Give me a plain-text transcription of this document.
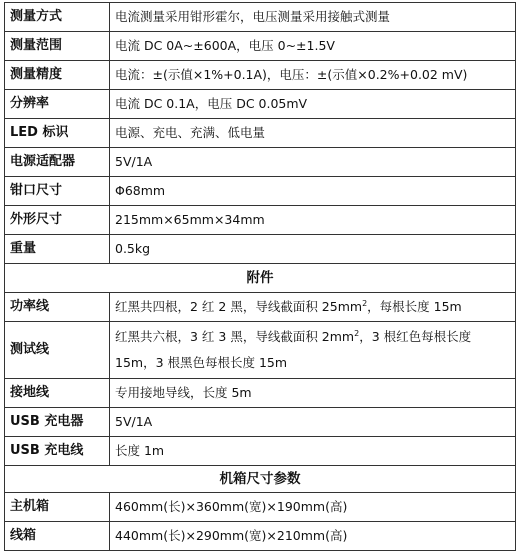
测量方式	电流测量采用钳形霍尔，电压测量采用接触式测量
测量范围	电流 DC 0A~±600A，电压 0~±1.5V
测量精度	电流：±(示值×1%+0.1A)，电压：±(示值×0.2%+0.02 mV)
分辨率	电流 DC 0.1A，电压 DC 0.05mV
LED 标识	电源、充电、充满、低电量
电源适配器	5V/1A
钳口尺寸	Φ68mm
外形尺寸	215mm×65mm×34mm
重量	0.5kg
附件	
功率线	红黑共四根，2 红 2 黑，导线截面积 $25mm^2$，每根长度 15m
测试线	红黑共六根，3 红 3 黑，导线截面积 $2mm^2$，3 根红色每根长度 15m，3 根黑色每根长度 15m
接地线	专用接地导线，长度 5m
USB 充电器	5V/1A
USB 充电线	长度 1m
机箱尺寸参数	
主机箱	460mm(长)×360mm(宽)×190mm(高)
线箱	440mm(长)×290mm(宽)×210mm(高)
